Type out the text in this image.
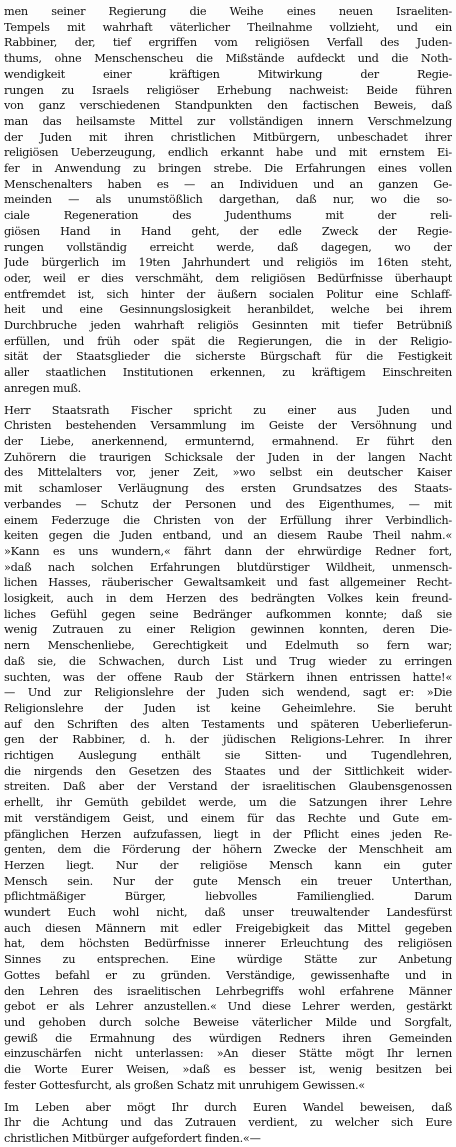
men seiner Regierung die Weihe eines neuen Israeliten-
Tempels mit wahrhaft väterlicher Theilnahme vollzieht, und ein
Rabbiner, der, tief ergriffen vom religiösen Verfall des Juden-
thums, ohne Menschenscheu die Mißstände aufdeckt und die Noth-
wendigkeit einer kräftigen Mitwirkung der Regie-
rungen zu Israels religiöser Erhebung nachweist: Beide führen
von ganz verschiedenen Standpunkten den factischen Beweis, daß
man das heilsamste Mittel zur vollständigen innern Verschmelzung
der Juden mit ihren christlichen Mitbürgern, unbeschadet ihrer
religiösen Ueberzeugung, endlich erkannt habe und mit ernstem Ei-
fer in Anwendung zu bringen strebe. Die Erfahrungen eines vollen
Menschenalters haben es — an Individuen und an ganzen Ge-
meinden — als unumstößlich dargethan, daß nur, wo die so-
ciale Regeneration des Judenthums mit der reli-
giösen Hand in Hand geht, der edle Zweck der Regie-
rungen vollständig erreicht werde, daß dagegen, wo der
Jude bürgerlich im 19ten Jahrhundert und religiös im 16ten steht,
oder, weil er dies verschmäht, dem religiösen Bedürfnisse überhaupt
entfremdet ist, sich hinter der äußern socialen Politur eine Schlaff-
heit und eine Gesinnungslosigkeit heranbildet, welche bei ihrem
Durchbruche jeden wahrhaft religiös Gesinnten mit tiefer Betrübniß
erfüllen, und früh oder spät die Regierungen, die in der Religio-
sität der Staatsglieder die sicherste Bürgschaft für die Festigkeit
aller staatlichen Institutionen erkennen, zu kräftigem Einschreiten
anregen muß.
Herr Staatsrath Fischer spricht zu einer aus Juden und
Christen bestehenden Versammlung im Geiste der Versöhnung und
der Liebe, anerkennend, ermunternd, ermahnend. Er führt den
Zuhörern die traurigen Schicksale der Juden in der langen Nacht
des Mittelalters vor, jener Zeit, »wo selbst ein deutscher Kaiser
mit schamloser Verläugnung des ersten Grundsatzes des Staats-
verbandes — Schutz der Personen und des Eigenthumes, — mit
einem Federzuge die Christen von der Erfüllung ihrer Verbindlich-
keiten gegen die Juden entband, und an diesem Raube Theil nahm.«
»Kann es uns wundern,« fährt dann der ehrwürdige Redner fort,
»daß nach solchen Erfahrungen blutdürstiger Wildheit, unmensch-
lichen Hasses, räuberischer Gewaltsamkeit und fast allgemeiner Recht-
losigkeit, auch in dem Herzen des bedrängten Volkes kein freund-
liches Gefühl gegen seine Bedränger aufkommen konnte; daß sie
wenig Zutrauen zu einer Religion gewinnen konnten, deren Die-
nern Menschenliebe, Gerechtigkeit und Edelmuth so fern war;
daß sie, die Schwachen, durch List und Trug wieder zu erringen
suchten, was der offene Raub der Stärkern ihnen entrissen hatte!«
— Und zur Religionslehre der Juden sich wendend, sagt er: »Die
Religionslehre der Juden ist keine Geheimlehre. Sie beruht
auf den Schriften des alten Testaments und späteren Ueberlieferun-
gen der Rabbiner, d. h. der jüdischen Religions-Lehrer. In ihrer
richtigen Auslegung enthält sie Sitten- und Tugendlehren,
die nirgends den Gesetzen des Staates und der Sittlichkeit wider-
streiten. Daß aber der Verstand der israelitischen Glaubensgenossen
erhellt, ihr Gemüth gebildet werde, um die Satzungen ihrer Lehre
mit verständigem Geist, und einem für das Rechte und Gute em-
pfänglichen Herzen aufzufassen, liegt in der Pflicht eines jeden Re-
genten, dem die Förderung der höhern Zwecke der Menschheit am
Herzen liegt. Nur der religiöse Mensch kann ein guter
Mensch sein. Nur der gute Mensch ein treuer Unterthan,
pflichtmäßiger Bürger, liebvolles Familienglied. Darum
wundert Euch wohl nicht, daß unser treuwaltender Landesfürst
auch diesen Männern mit edler Freigebigkeit das Mittel gegeben
hat, dem höchsten Bedürfnisse innerer Erleuchtung des religiösen
Sinnes zu entsprechen. Eine würdige Stätte zur Anbetung
Gottes befahl er zu gründen. Verständige, gewissenhafte und in
den Lehren des israelitischen Lehrbegriffs wohl erfahrene Männer
gebot er als Lehrer anzustellen.« Und diese Lehrer werden, gestärkt
und gehoben durch solche Beweise väterlicher Milde und Sorgfalt,
gewiß die Ermahnung des würdigen Redners ihren Gemeinden
einzuschärfen nicht unterlassen: »An dieser Stätte mögt Ihr lernen
die Worte Eurer Weisen, »daß es besser ist, wenig besitzen bei
fester Gottesfurcht, als großen Schatz mit unruhigem Gewissen.«
Im Leben aber mögt Ihr durch Euren Wandel beweisen, daß
Ihr die Achtung und das Zutrauen verdient, zu welcher sich Eure
christlichen Mitbürger aufgefordert finden.«—
